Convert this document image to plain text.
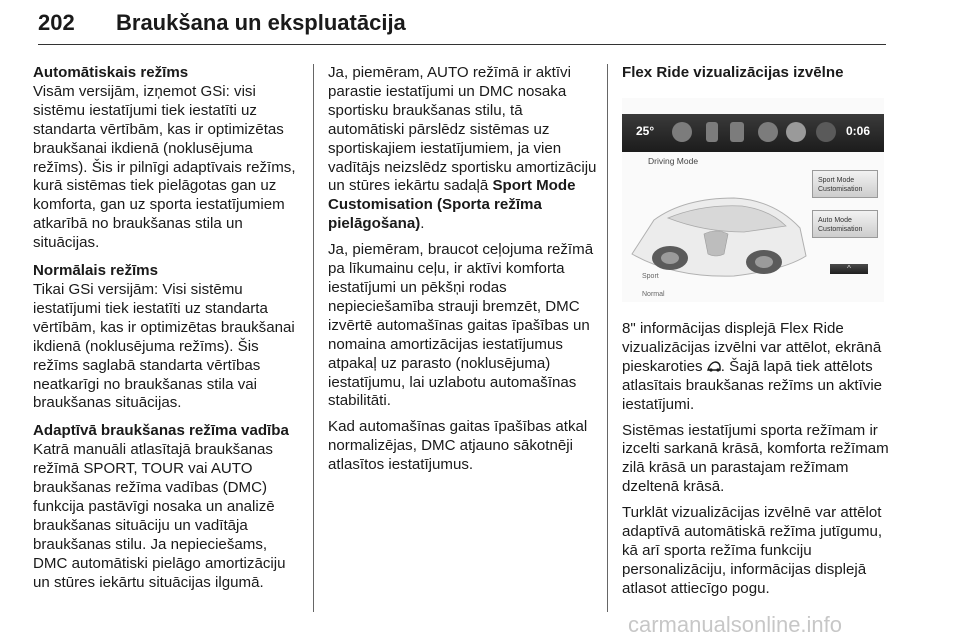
202 Braukšana un ekspluatācija
Automātiskais režīms

Visām versijām, izņemot GSi: visi sistēmu iestatījumi tiek iestatīti uz standarta vērtībām, kas ir optimizētas braukšanai ikdienā (noklusējuma režīms). Šis ir pilnīgi adaptīvais režīms, kurā sistēmas tiek pielāgotas gan uz komforta, gan uz sporta iestatījumiem atkarībā no braukšanas stila un situācijas.

Normālais režīms

Tikai GSi versijām: Visi sistēmu iestatījumi tiek iestatīti uz standarta vērtībām, kas ir optimizētas braukšanai ikdienā (noklusējuma režīms). Šis režīms saglabā standarta vērtības neatkarīgi no braukšanas stila vai braukšanas situācijas.

Adaptīvā braukšanas režīma vadība

Katrā manuāli atlasītajā braukšanas režīmā SPORT, TOUR vai AUTO braukšanas režīma vadības (DMC) funkcija pastāvīgi nosaka un analizē braukšanas situāciju un vadītāja braukšanas stilu. Ja nepieciešams, DMC automātiski pielāgo amortizāciju un stūres iekārtu situācijas ilgumā.

Ja, piemēram, AUTO režīmā ir aktīvi parastie iestatījumi un DMC nosaka sportisku braukšanas stilu, tā automātiski pārslēdz sistēmas uz sportiskajiem iestatījumiem, ja vien vadītājs neizslēdz sportisku amortizāciju un stūres iekārtu sadaļā Sport Mode Customisation (Sporta režīma pielāgošana).

Ja, piemēram, braucot ceļojuma režīmā pa līkumainu ceļu, ir aktīvi komforta iestatījumi un pēkšņi rodas nepieciešamība strauji bremzēt, DMC izvērtē automašīnas gaitas īpašības un nomaina amortizācijas iestatījumus atpakaļ uz parasto (noklusējuma) iestatījumu, lai uzlabotu automašīnas stabilitāti.

Kad automašīnas gaitas īpašības atkal normalizējas, DMC atjauno sākotnēji atlasītos iestatījumus.

Flex Ride vizualizācijas izvēlne
25°	0:06
Driving Mode
Sport
Normal
Sport Mode Customisation
Auto Mode Customisation
^

8" informācijas displejā Flex Ride vizualizācijas izvēlni var attēlot, ekrānā pieskaroties . Šajā lapā tiek attēlots atlasītais braukšanas režīms un aktīvie iestatījumi.

Sistēmas iestatījumi sporta režīmam ir izcelti sarkanā krāsā, komforta režīmam zilā krāsā un parastajam režīmam dzeltenā krāsā.

Turklāt vizualizācijas izvēlnē var attēlot adaptīvā automātiskā režīma jutīgumu, kā arī sporta režīma funkciju personalizāciju, informācijas displejā atlasot attiecīgo pogu.

carmanualsonline.info
